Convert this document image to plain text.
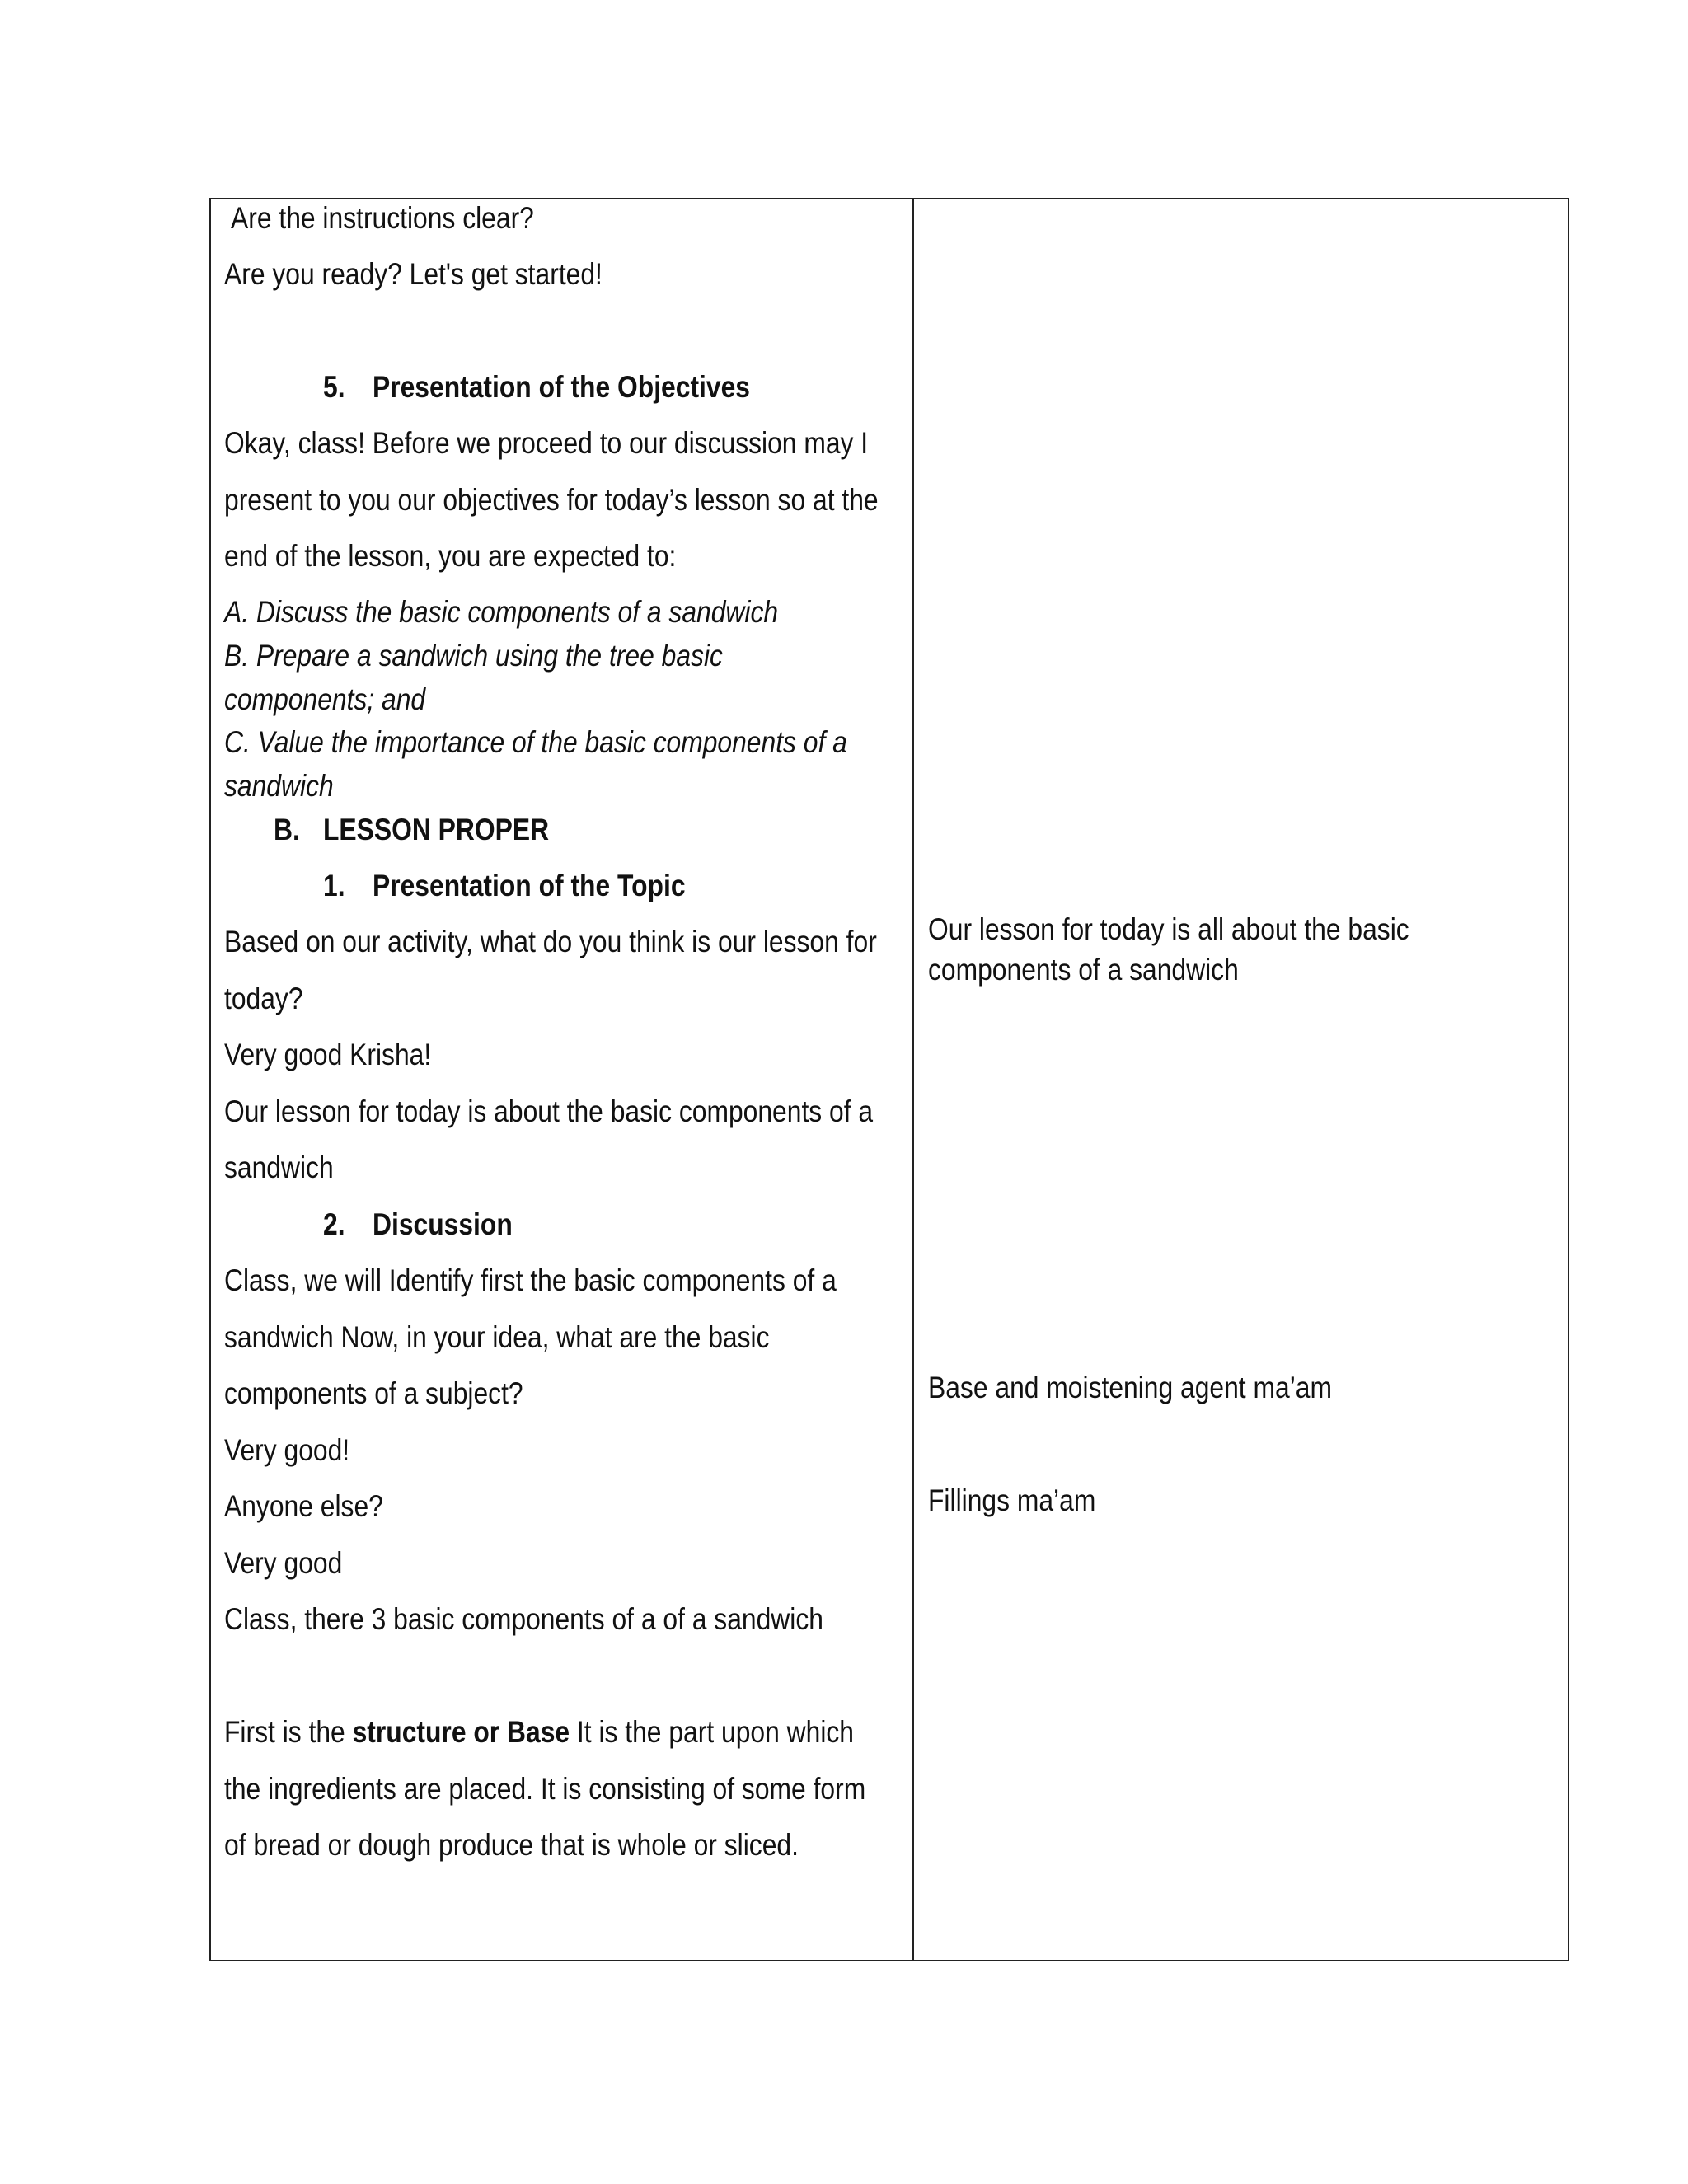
Are the instructions clear?

Are you ready? Let's get started!

5. Presentation of the Objectives

Okay, class! Before we proceed to our discussion may I

present to you our objectives for today’s lesson so at the

end of the lesson, you are expected to:

A. Discuss the basic components of a sandwich

B. Prepare a sandwich using the tree basic

components; and

C. Value the importance of the basic components of a

sandwich

B. LESSON PROPER

1. Presentation of the Topic

Based on our activity, what do you think is our lesson for

today?

Very good Krisha!

Our lesson for today is about the basic components of a

sandwich

2. Discussion

Class, we will Identify first the basic components of a

sandwich Now, in your idea, what are the basic

components of a subject?

Very good!

Anyone else?

Very good

Class, there 3 basic components of a of a sandwich

First is the structure or Base It is the part upon which

the ingredients are placed. It is consisting of some form

of bread or dough produce that is whole or sliced.

Our lesson for today is all about the basic

components of a sandwich

Base and moistening agent ma’am

Fillings ma’am
